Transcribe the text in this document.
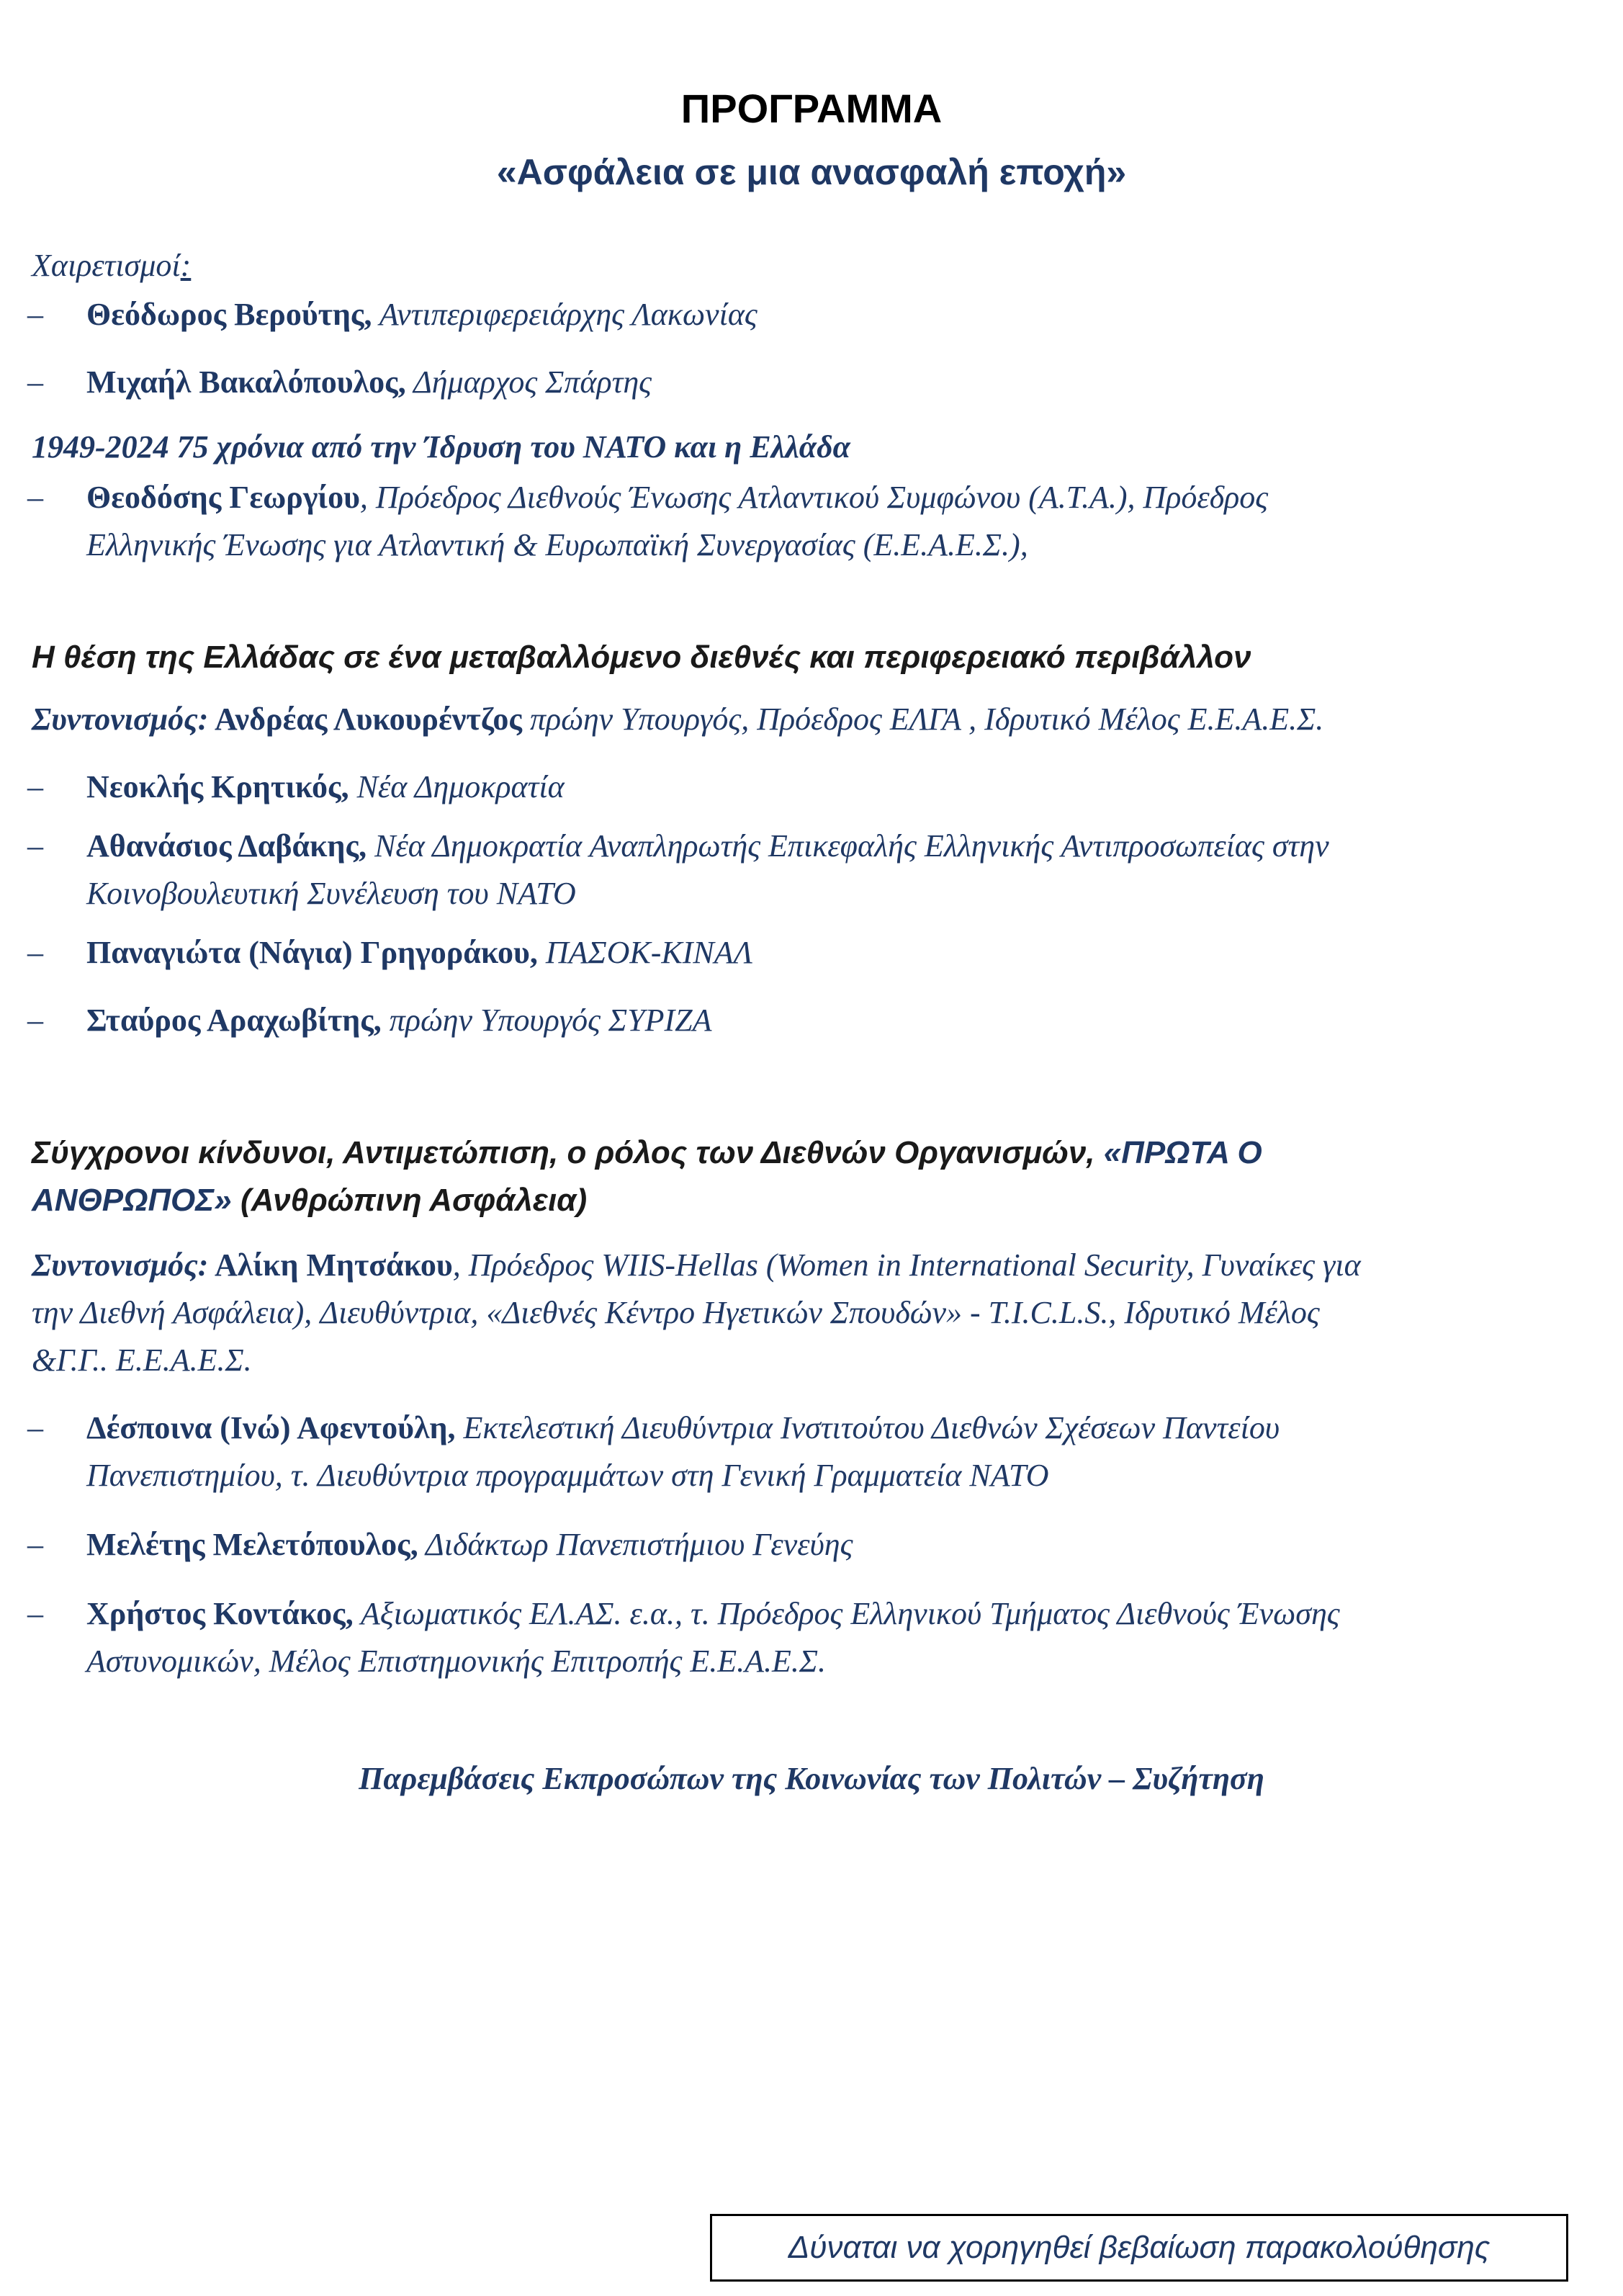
ΠΡΟΓΡΑΜΜΑ
«Ασφάλεια σε μια ανασφαλή εποχή»
Χαιρετισμοί:
– Θεόδωρος Βερούτης, Αντιπεριφερειάρχης Λακωνίας
– Μιχαήλ Βακαλόπουλος, Δήμαρχος Σπάρτης
1949-2024 75 χρόνια από την Ίδρυση του ΝΑΤΟ και η Ελλάδα
– Θεοδόσης Γεωργίου, Πρόεδρος Διεθνούς Ένωσης Ατλαντικού Συμφώνου (Α.Τ.Α.), Πρόεδρος
Ελληνικής Ένωσης για Ατλαντική & Ευρωπαϊκή Συνεργασίας (Ε.Ε.Α.Ε.Σ.),
Η θέση της Ελλάδας σε ένα μεταβαλλόμενο διεθνές και περιφερειακό περιβάλλον
Συντονισμός: Ανδρέας Λυκουρέντζος πρώην Υπουργός, Πρόεδρος ΕΛΓΑ , Ιδρυτικό Μέλος Ε.Ε.Α.Ε.Σ.
– Νεοκλής Κρητικός, Νέα Δημοκρατία
– Αθανάσιος Δαβάκης, Νέα Δημοκρατία Αναπληρωτής Επικεφαλής Ελληνικής Αντιπροσωπείας στην
Κοινοβουλευτική Συνέλευση του ΝΑΤΟ
– Παναγιώτα (Νάγια) Γρηγοράκου, ΠΑΣΟΚ-ΚΙΝΑΛ
– Σταύρος Αραχωβίτης, πρώην Υπουργός ΣΥΡΙΖΑ
Σύγχρονοι κίνδυνοι, Αντιμετώπιση, ο ρόλος των Διεθνών Οργανισμών, «ΠΡΩΤΑ Ο
ΑΝΘΡΩΠΟΣ» (Ανθρώπινη Ασφάλεια)
Συντονισμός: Αλίκη Μητσάκου, Πρόεδρος WIIS-Hellas (Women in International Security, Γυναίκες για
την Διεθνή Ασφάλεια), Διευθύντρια, «Διεθνές Κέντρο Ηγετικών Σπουδών» - T.I.C.L.S., Ιδρυτικό Μέλος
&Γ.Γ.. Ε.Ε.Α.Ε.Σ.
– Δέσποινα (Ινώ) Αφεντούλη, Εκτελεστική Διευθύντρια Ινστιτούτου Διεθνών Σχέσεων Παντείου
Πανεπιστημίου, τ. Διευθύντρια προγραμμάτων στη Γενική Γραμματεία ΝΑΤΟ
– Μελέτης Μελετόπουλος, Διδάκτωρ Πανεπιστήμιου Γενεύης
– Χρήστος Κοντάκος, Αξιωματικός ΕΛ.ΑΣ. ε.α., τ. Πρόεδρος Ελληνικού Τμήματος Διεθνούς Ένωσης
Αστυνομικών, Μέλος Επιστημονικής Επιτροπής Ε.Ε.Α.Ε.Σ.
Παρεμβάσεις Εκπροσώπων της Κοινωνίας των Πολιτών – Συζήτηση
Δύναται να χορηγηθεί βεβαίωση παρακολούθησης
